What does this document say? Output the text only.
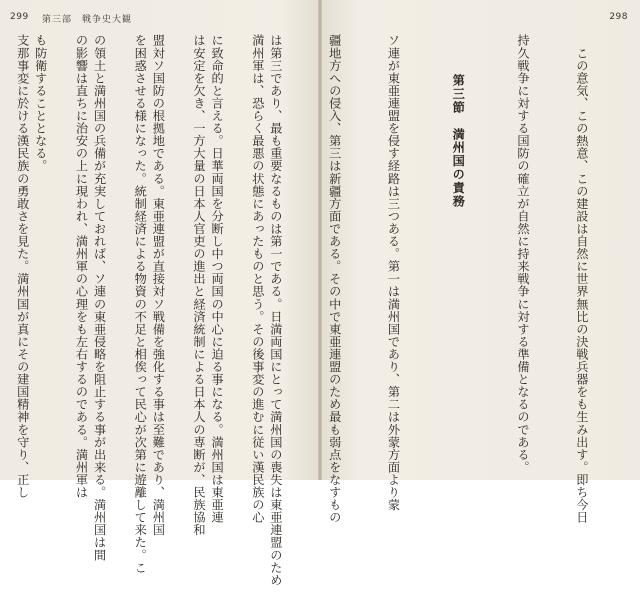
299 第三部　戦争史大観

満州軍は、恐らく最悪の状態にあったものと思う。その後事変の進むに従い漢民族の心

は安定を欠き、一方大量の日本人官吏の進出と経済統制による日本人の専断が、民族協和

を困惑させる様になった。統制経済による物資の不足と相俟って民心が次第に遊離して来た。こ

の影響は直ちに治安の上に現われ、満州軍の心理をも左右するのである。満州軍は

支那事変に於ける漢民族の勇敢さを見た。満州国が真にその建国精神を守り、正し

298

　この意気、この熱意、この建設は自然に世界無比の決戦兵器をも生み出す。即ち今日

持久戦争に対する国防の確立が自然に持来戦争に対する準備となるのである。

第三節　満州国の責務

ソ連が東亜連盟を侵す経路は三つある。第一は満州国であり、第二は外蒙方面より蒙

疆地方への侵入、第三は新疆方面である。その中で東亜連盟のため最も弱点をなすもの

は第三であり、最も重要なるものは第一である。日満両国にとって満州国の喪失は東亜連盟のため

に致命的と言える。日華両国を分断し中つ両国の中心に迫る事になる。満州国は東亜連

盟対ソ国防の根拠地である。東亜連盟が直接対ソ戦備を強化する事は至難であり、満州国

の領土と満州国の兵備が充実しておれば、ソ連の東亜侵略を阻止する事が出来る。満州国は間

も防衛することとなる。
